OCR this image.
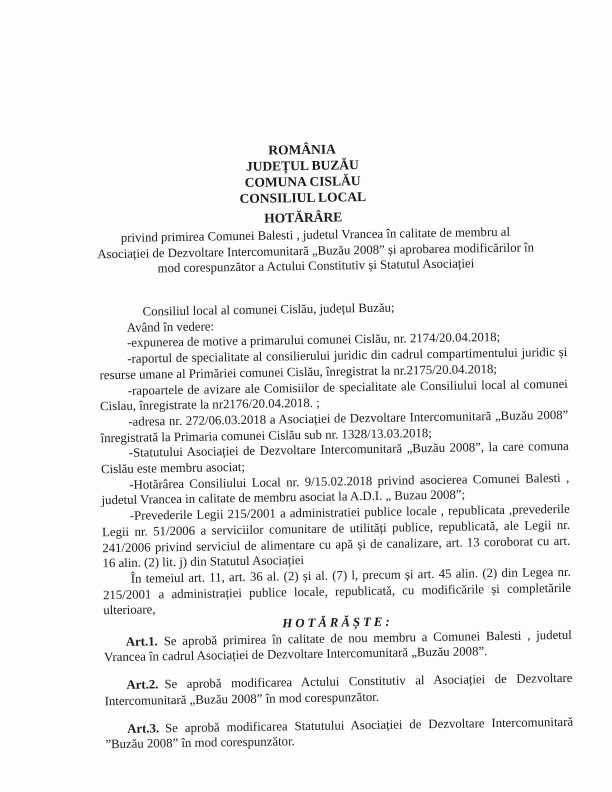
ROMÂNIA
JUDEȚUL BUZĂU
COMUNA CISLĂU
CONSILIUL LOCAL
HOTĂRÂRE
privind primirea Comunei Balesti , judetul Vrancea în calitate de membru al Asociației de Dezvoltare Intercomunitară „Buzău 2008” și aprobarea modificărilor în mod corespunzător a Actului Constitutiv și Statutul Asociației

Consiliul local al comunei Cislău, județul Buzău;

Având în vedere:

-expunerea de motive a primarului comunei Cislău, nr. 2174/20.04.2018;

-raportul de specialitate al consilierului juridic din cadrul compartimentului juridic și resurse umane al Primăriei comunei Cislău, înregistrat la nr.2175/20.04.2018;

-rapoartele de avizare ale Comisiilor de specialitate ale Consiliului local al comunei Cislau, înregistrate la nr2176/20.04.2018. ;

-adresa nr. 272/06.03.2018 a Asociației de Dezvoltare Intercomunitară „Buzău 2008” înregistrată la Primaria comunei Cislău sub nr. 1328/13.03.2018;

-Statutului Asociației de Dezvoltare Intercomunitară „Buzău 2008”, la care comuna Cislău este membru asociat;

-Hotărârea Consiliului Local nr. 9/15.02.2018 privind asocierea Comunei Balesti , judetul Vrancea in calitate de membru asociat la A.D.I. „ Buzau 2008”;

-Prevederile Legii 215/2001 a administratiei publice locale , republicata ,prevederile Legii nr. 51/2006 a serviciilor comunitare de utilități publice, republicată, ale Legii nr. 241/2006 privind serviciul de alimentare cu apă și de canalizare, art. 13 coroborat cu art. 16 alin. (2) lit. j) din Statutul Asociației

În temeiul art. 11, art. 36 al. (2) și al. (7) l, precum și art. 45 alin. (2) din Legea nr. 215/2001 a administrației publice locale, republicată, cu modificările și completările ulterioare,

HOTĂRĂȘTE:

Art.1. Se aprobă primirea în calitate de nou membru a Comunei Balesti , judetul Vrancea în cadrul Asociației de Dezvoltare Intercomunitară „Buzău 2008”.

Art.2. Se aprobă modificarea Actului Constitutiv al Asociației de Dezvoltare Intercomunitară „Buzău 2008” în mod corespunzător.

Art.3. Se aprobă modificarea Statutului Asociației de Dezvoltare Intercomunitară ”Buzău 2008” în mod corespunzător.
